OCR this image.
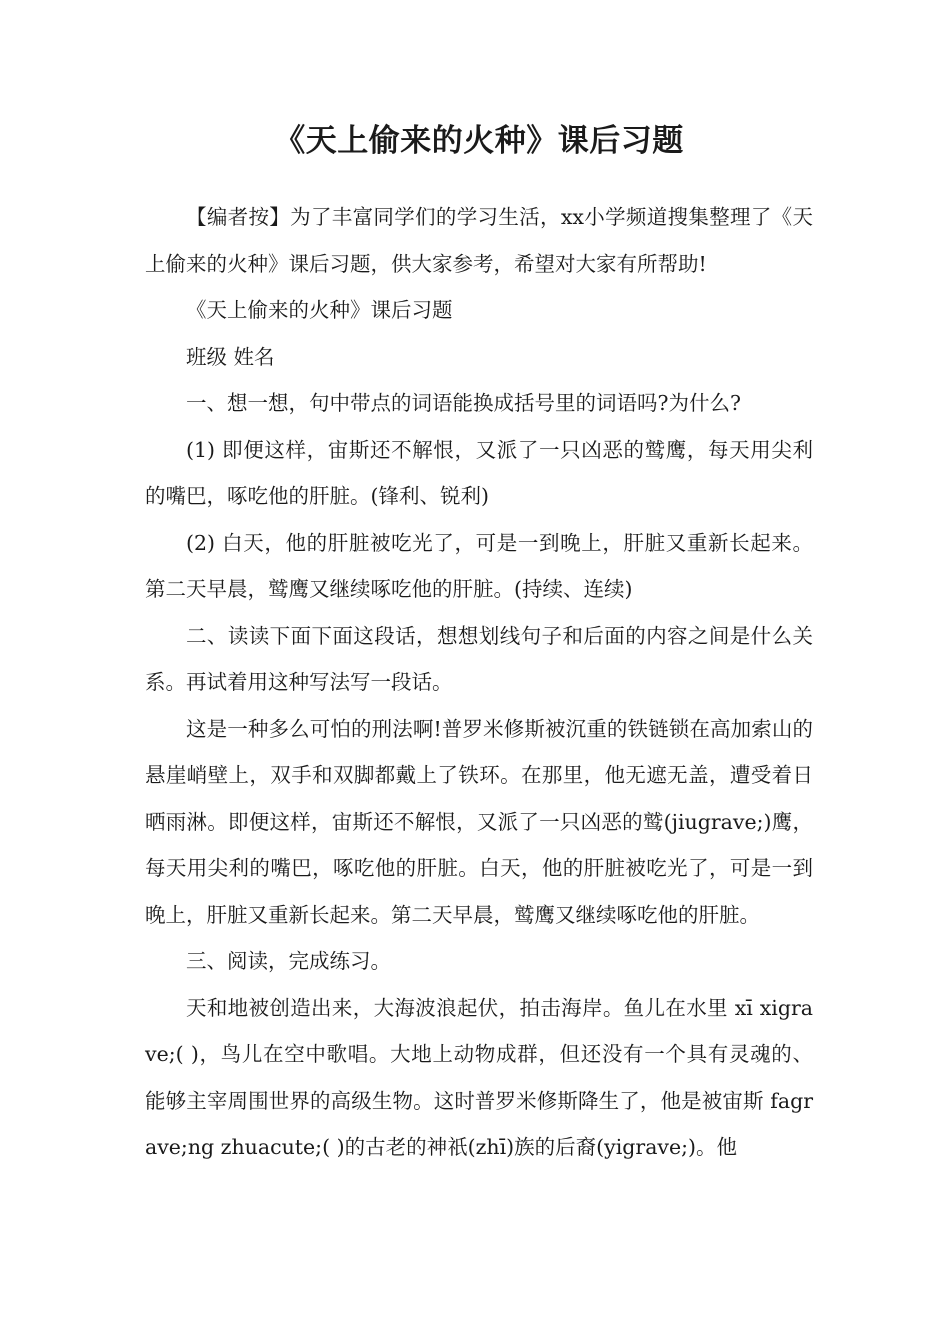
《天上偷来的火种》课后习题

【编者按】为了丰富同学们的学习生活，xx小学频道搜集整理了《天上偷来的火种》课后习题，供大家参考，希望对大家有所帮助!

《天上偷来的火种》课后习题

班级 姓名

一、想一想，句中带点的词语能换成括号里的词语吗?为什么?

(1) 即便这样，宙斯还不解恨，又派了一只凶恶的鹫鹰，每天用尖利的嘴巴，啄吃他的肝脏。(锋利、锐利)

(2) 白天，他的肝脏被吃光了，可是一到晚上，肝脏又重新长起来。第二天早晨，鹫鹰又继续啄吃他的肝脏。(持续、连续)

二、读读下面下面这段话，想想划线句子和后面的内容之间是什么关系。再试着用这种写法写一段话。

这是一种多么可怕的刑法啊!普罗米修斯被沉重的铁链锁在高加索山的悬崖峭壁上，双手和双脚都戴上了铁环。在那里，他无遮无盖，遭受着日晒雨淋。即便这样，宙斯还不解恨，又派了一只凶恶的鹫(jiugrave;)鹰，每天用尖利的嘴巴，啄吃他的肝脏。白天，他的肝脏被吃光了，可是一到晚上，肝脏又重新长起来。第二天早晨，鹫鹰又继续啄吃他的肝脏。

三、阅读，完成练习。

天和地被创造出来，大海波浪起伏，拍击海岸。鱼儿在水里 xī xigrave;( )，鸟儿在空中歌唱。大地上动物成群，但还没有一个具有灵魂的、能够主宰周围世界的高级生物。这时普罗米修斯降生了，他是被宙斯 fagrave;ng zhuacute;( )的古老的神祇(zhī)族的后裔(yigrave;)。他
